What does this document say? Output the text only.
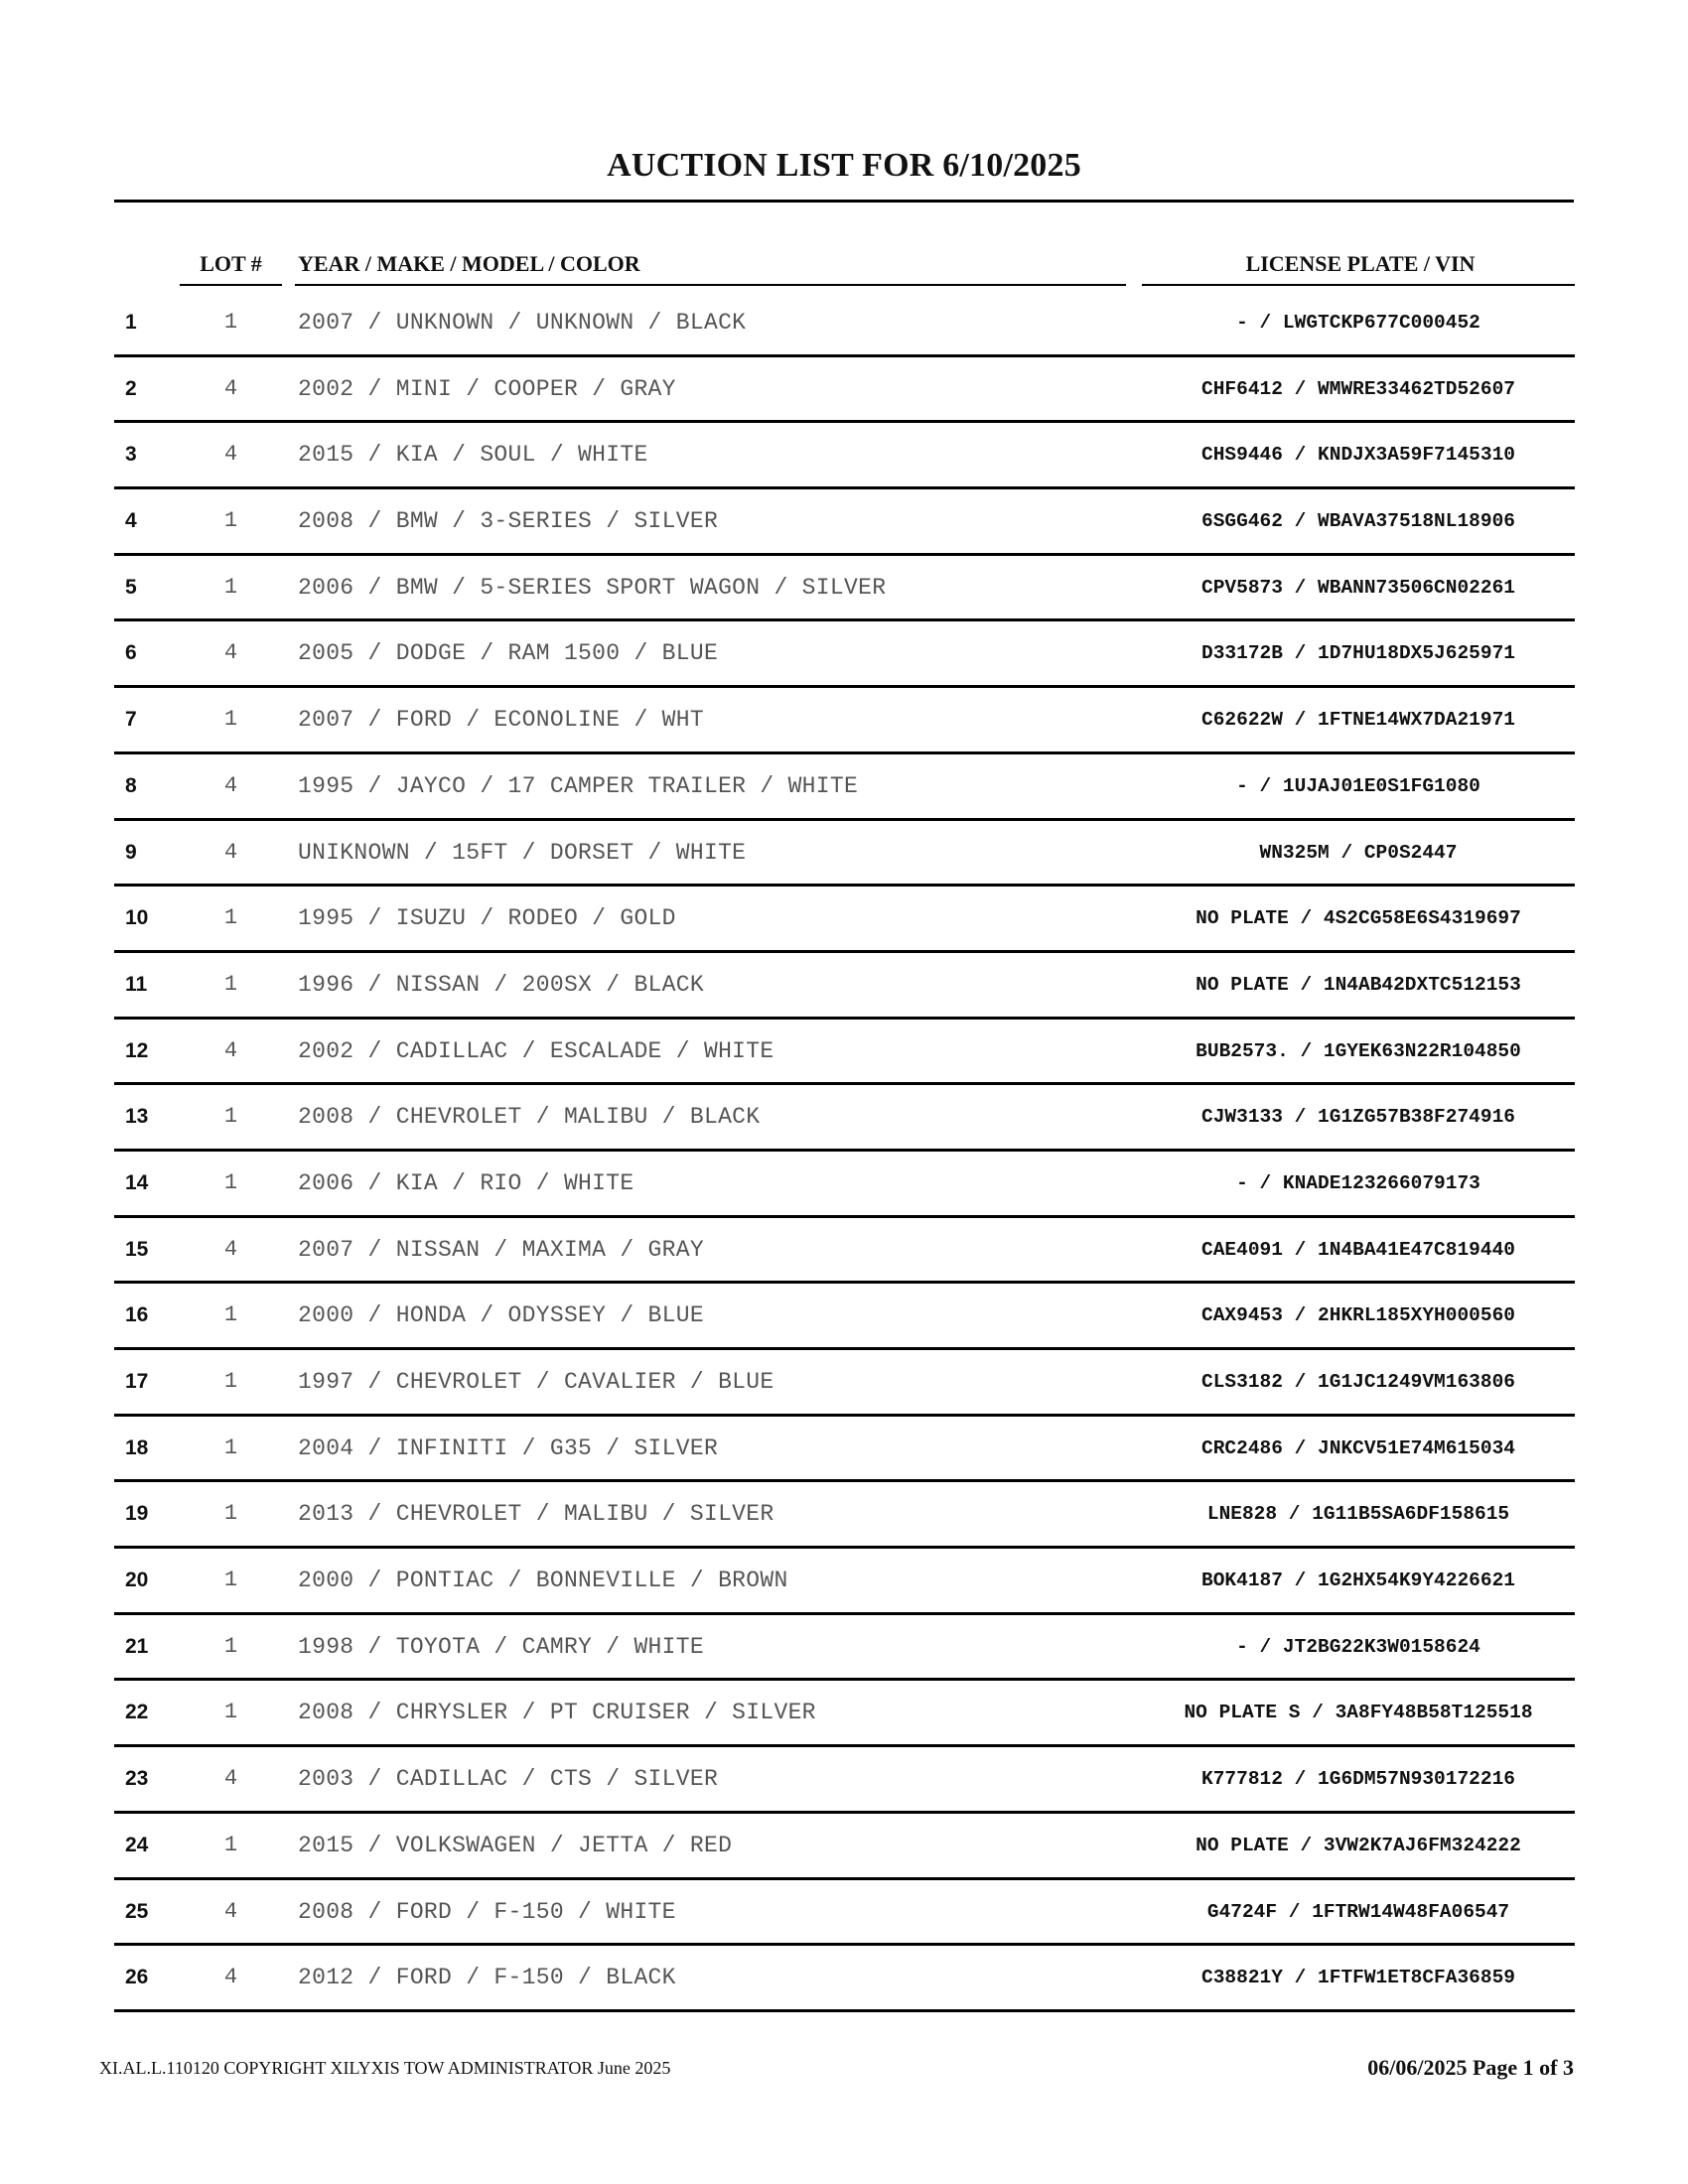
AUCTION LIST FOR 6/10/2025
LOT #	YEAR / MAKE / MODEL / COLOR	LICENSE PLATE / VIN
1	1	2007 / UNKNOWN / UNKNOWN / BLACK	- / LWGTCKP677C000452
2	4	2002 / MINI / COOPER / GRAY	CHF6412 / WMWRE33462TD52607
3	4	2015 / KIA / SOUL / WHITE	CHS9446 / KNDJX3A59F7145310
4	1	2008 / BMW / 3-SERIES / SILVER	6SGG462 / WBAVA37518NL18906
5	1	2006 / BMW / 5-SERIES SPORT WAGON / SILVER	CPV5873 / WBANN73506CN02261
6	4	2005 / DODGE / RAM 1500 / BLUE	D33172B / 1D7HU18DX5J625971
7	1	2007 / FORD / ECONOLINE / WHT	C62622W / 1FTNE14WX7DA21971
8	4	1995 / JAYCO / 17 CAMPER TRAILER / WHITE	- / 1UJAJ01E0S1FG1080
9	4	UNIKNOWN / 15FT / DORSET / WHITE	WN325M / CP0S2447
10	1	1995 / ISUZU / RODEO / GOLD	NO PLATE / 4S2CG58E6S4319697
11	1	1996 / NISSAN / 200SX / BLACK	NO PLATE / 1N4AB42DXTC512153
12	4	2002 / CADILLAC / ESCALADE / WHITE	BUB2573. / 1GYEK63N22R104850
13	1	2008 / CHEVROLET / MALIBU / BLACK	CJW3133 / 1G1ZG57B38F274916
14	1	2006 / KIA / RIO / WHITE	- / KNADE123266079173
15	4	2007 / NISSAN / MAXIMA / GRAY	CAE4091 / 1N4BA41E47C819440
16	1	2000 / HONDA / ODYSSEY / BLUE	CAX9453 / 2HKRL185XYH000560
17	1	1997 / CHEVROLET / CAVALIER / BLUE	CLS3182 / 1G1JC1249VM163806
18	1	2004 / INFINITI / G35 / SILVER	CRC2486 / JNKCV51E74M615034
19	1	2013 / CHEVROLET / MALIBU / SILVER	LNE828 / 1G11B5SA6DF158615
20	1	2000 / PONTIAC / BONNEVILLE / BROWN	BOK4187 / 1G2HX54K9Y4226621
21	1	1998 / TOYOTA / CAMRY / WHITE	- / JT2BG22K3W0158624
22	1	2008 / CHRYSLER / PT CRUISER / SILVER	NO PLATE S / 3A8FY48B58T125518
23	4	2003 / CADILLAC / CTS / SILVER	K777812 / 1G6DM57N930172216
24	1	2015 / VOLKSWAGEN / JETTA / RED	NO PLATE / 3VW2K7AJ6FM324222
25	4	2008 / FORD / F-150 / WHITE	G4724F / 1FTRW14W48FA06547
26	4	2012 / FORD / F-150 / BLACK	C38821Y / 1FTFW1ET8CFA36859
XI.AL.L.110120 COPYRIGHT XILYXIS TOW ADMINISTRATOR June 2025	06/06/2025 Page 1 of 3
